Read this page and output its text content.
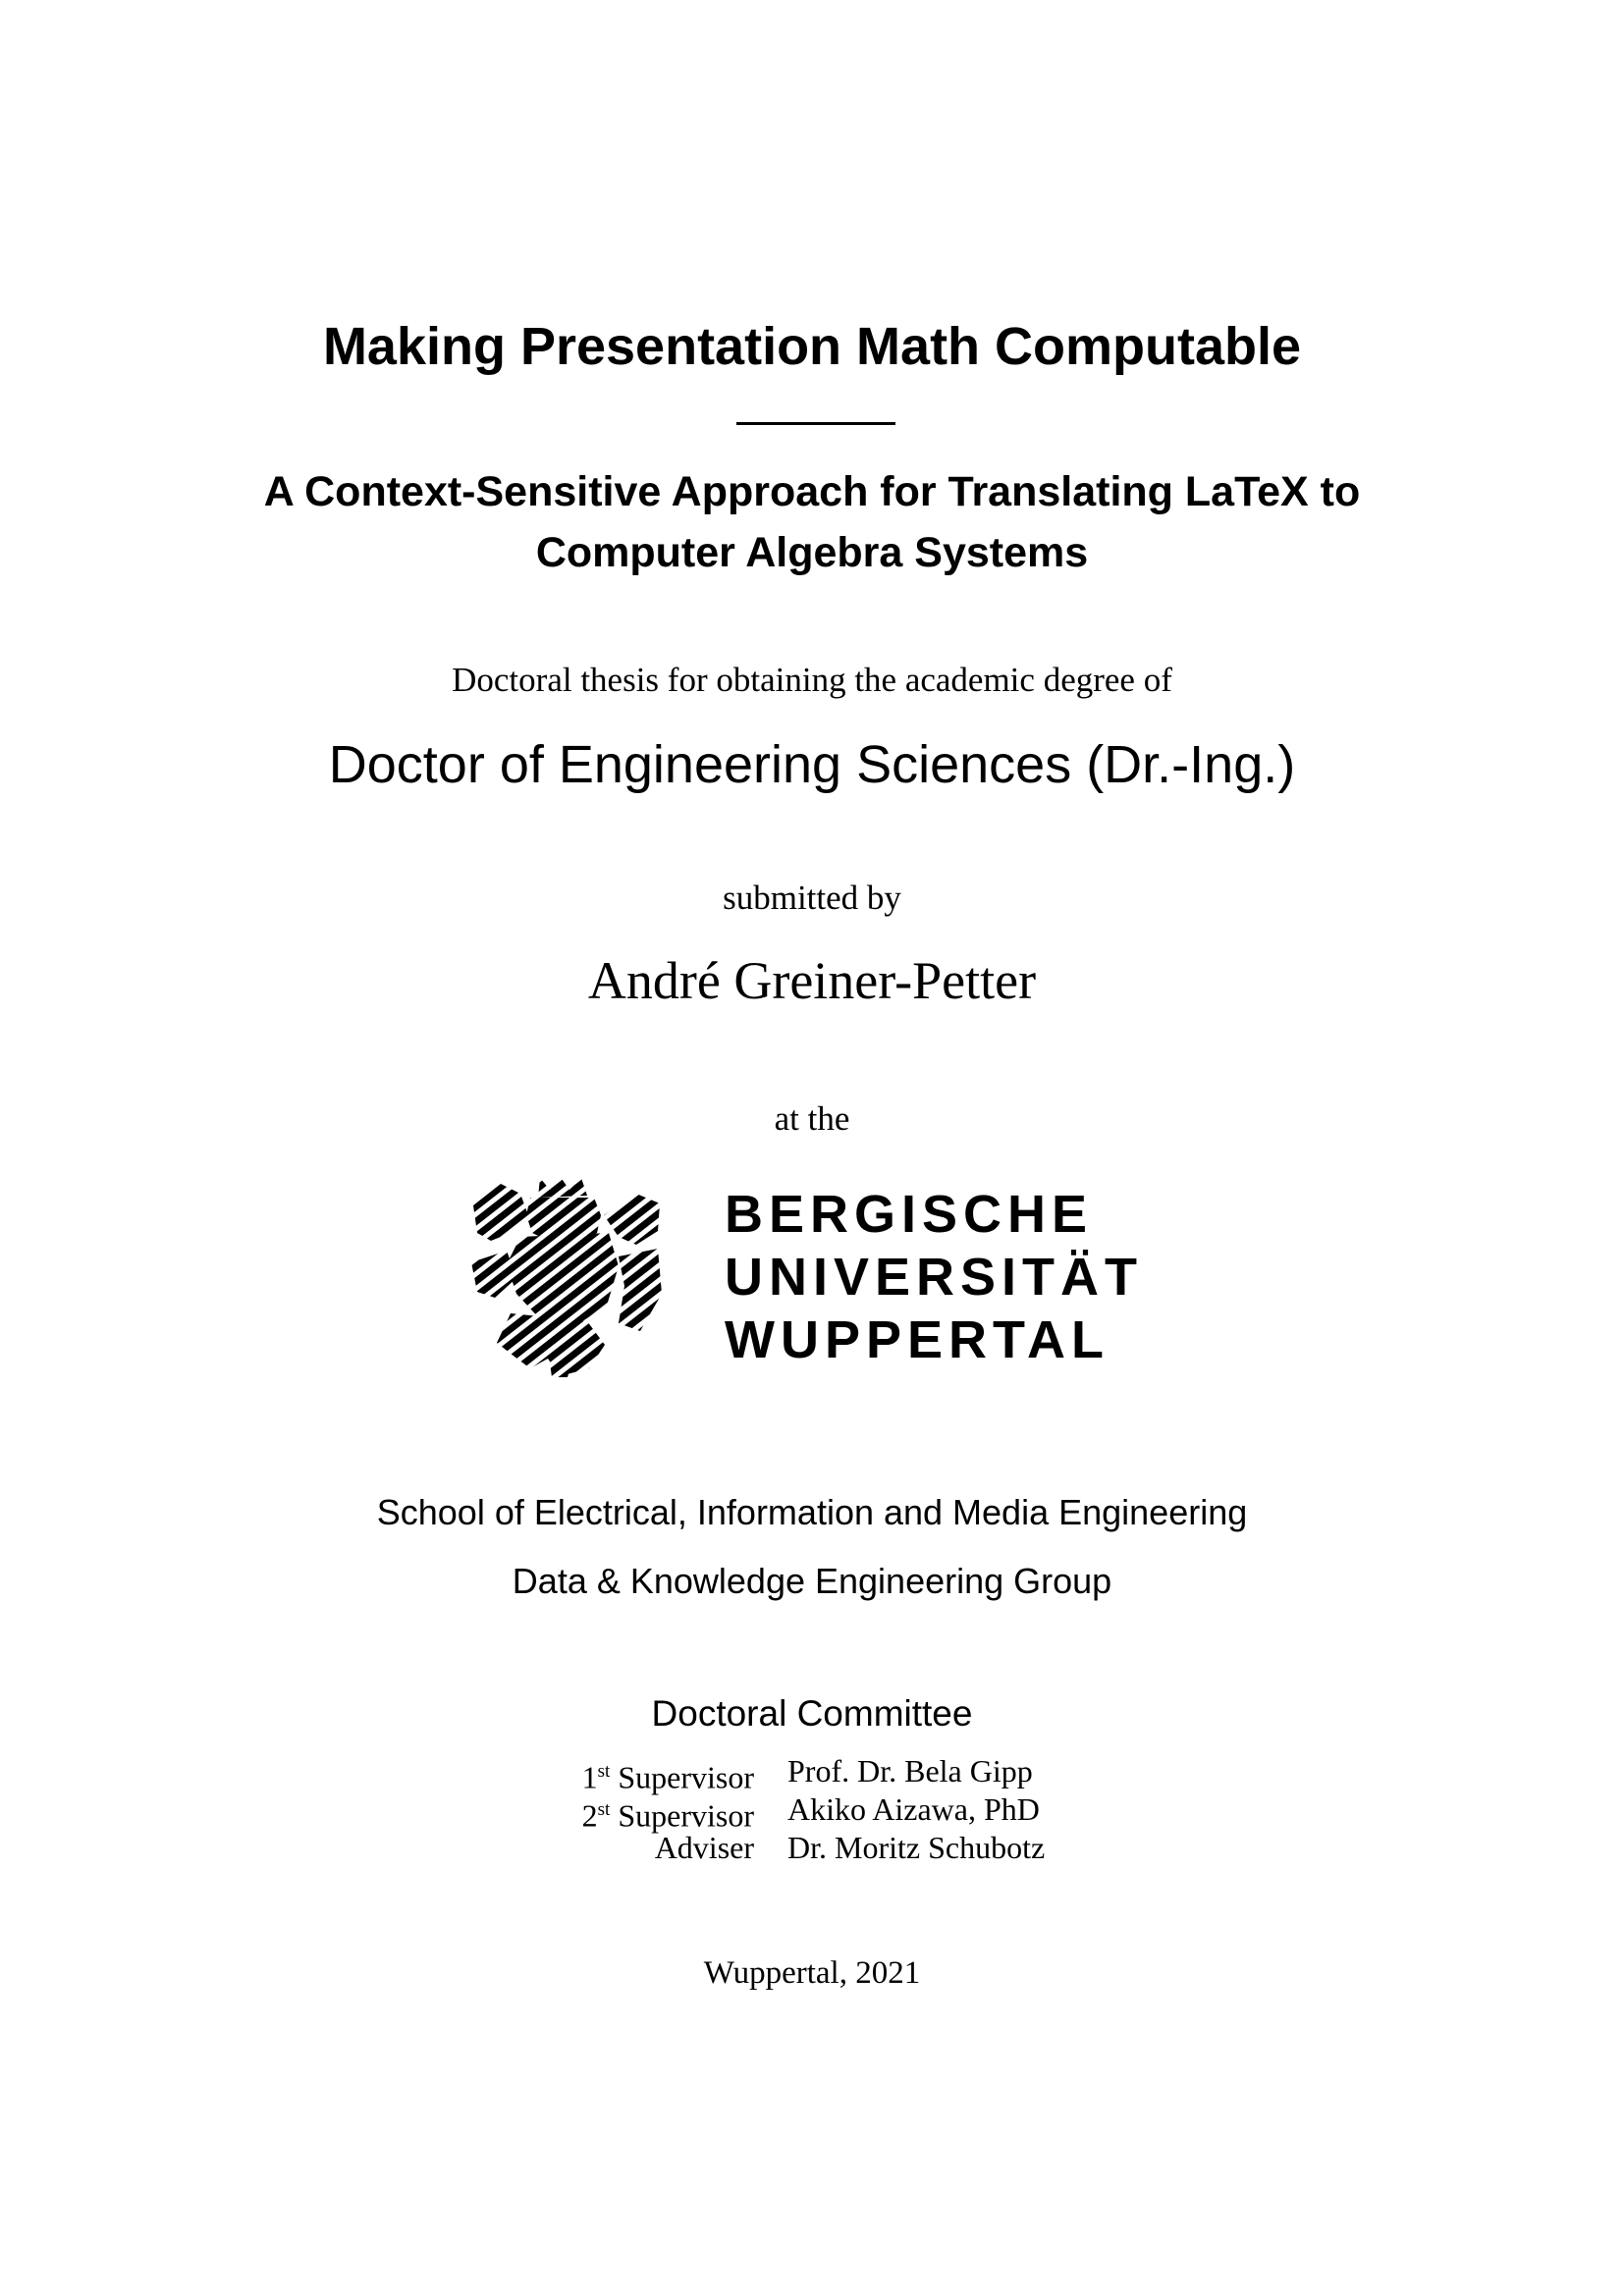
Making Presentation Math Computable
A Context-Sensitive Approach for Translating LaTeX to
Computer Algebra Systems
Doctoral thesis for obtaining the academic degree of
Doctor of Engineering Sciences (Dr.-Ing.)
submitted by
André Greiner-Petter
at the
BERGISCHE
UNIVERSITÄT
WUPPERTAL
School of Electrical, Information and Media Engineering
Data & Knowledge Engineering Group
Doctoral Committee
1st Supervisor Prof. Dr. Bela Gipp
2st Supervisor Akiko Aizawa, PhD
Adviser Dr. Moritz Schubotz
Wuppertal, 2021
